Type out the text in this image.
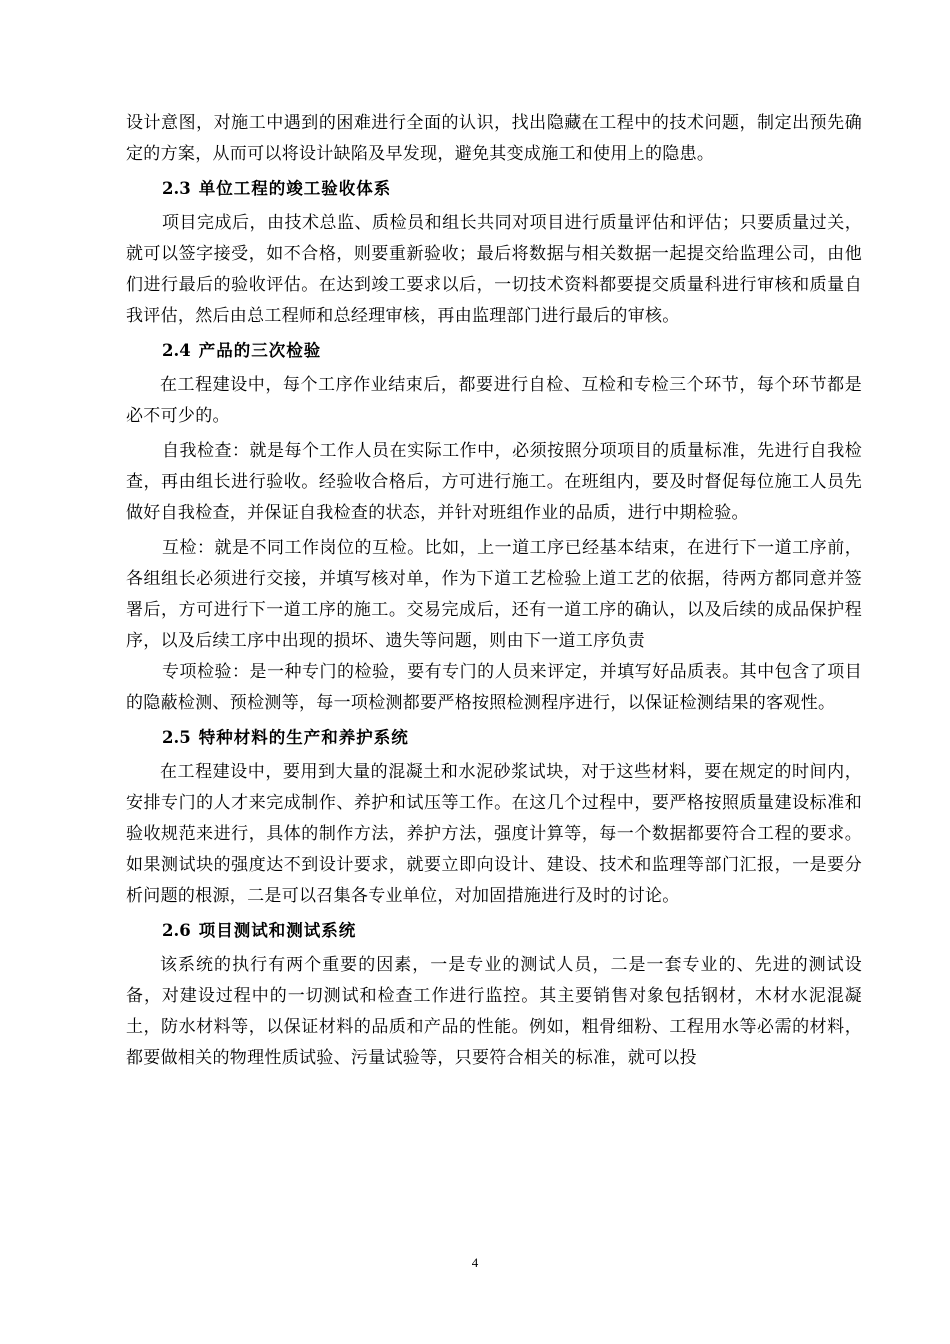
设计意图，对施工中遇到的困难进行全面的认识，找出隐藏在工程中的技术问题，制定出预先确定的方案，从而可以将设计缺陷及早发现，避免其变成施工和使用上的隐患。

2.3 单位工程的竣工验收体系

项目完成后，由技术总监、质检员和组长共同对项目进行质量评估和评估；只要质量过关，就可以签字接受，如不合格，则要重新验收；最后将数据与相关数据一起提交给监理公司，由他们进行最后的验收评估。在达到竣工要求以后，一切技术资料都要提交质量科进行审核和质量自我评估，然后由总工程师和总经理审核，再由监理部门进行最后的审核。

2.4 产品的三次检验

在工程建设中，每个工序作业结束后，都要进行自检、互检和专检三个环节，每个环节都是必不可少的。

自我检查：就是每个工作人员在实际工作中，必须按照分项项目的质量标准，先进行自我检查，再由组长进行验收。经验收合格后，方可进行施工。在班组内，要及时督促每位施工人员先做好自我检查，并保证自我检查的状态，并针对班组作业的品质，进行中期检验。

互检：就是不同工作岗位的互检。比如，上一道工序已经基本结束，在进行下一道工序前，各组组长必须进行交接，并填写核对单，作为下道工艺检验上道工艺的依据，待两方都同意并签署后，方可进行下一道工序的施工。交易完成后，还有一道工序的确认，以及后续的成品保护程序，以及后续工序中出现的损坏、遗失等问题，则由下一道工序负责

专项检验：是一种专门的检验，要有专门的人员来评定，并填写好品质表。其中包含了项目的隐蔽检测、预检测等，每一项检测都要严格按照检测程序进行，以保证检测结果的客观性。

2.5 特种材料的生产和养护系统

在工程建设中，要用到大量的混凝土和水泥砂浆试块，对于这些材料，要在规定的时间内，安排专门的人才来完成制作、养护和试压等工作。在这几个过程中，要严格按照质量建设标准和验收规范来进行，具体的制作方法，养护方法，强度计算等，每一个数据都要符合工程的要求。如果测试块的强度达不到设计要求，就要立即向设计、建设、技术和监理等部门汇报，一是要分析问题的根源，二是可以召集各专业单位，对加固措施进行及时的讨论。

2.6 项目测试和测试系统

该系统的执行有两个重要的因素，一是专业的测试人员，二是一套专业的、先进的测试设备，对建设过程中的一切测试和检查工作进行监控。其主要销售对象包括钢材，木材水泥混凝土，防水材料等，以保证材料的品质和产品的性能。例如，粗骨细粉、工程用水等必需的材料，都要做相关的物理性质试验、污量试验等，只要符合相关的标准，就可以投

4
